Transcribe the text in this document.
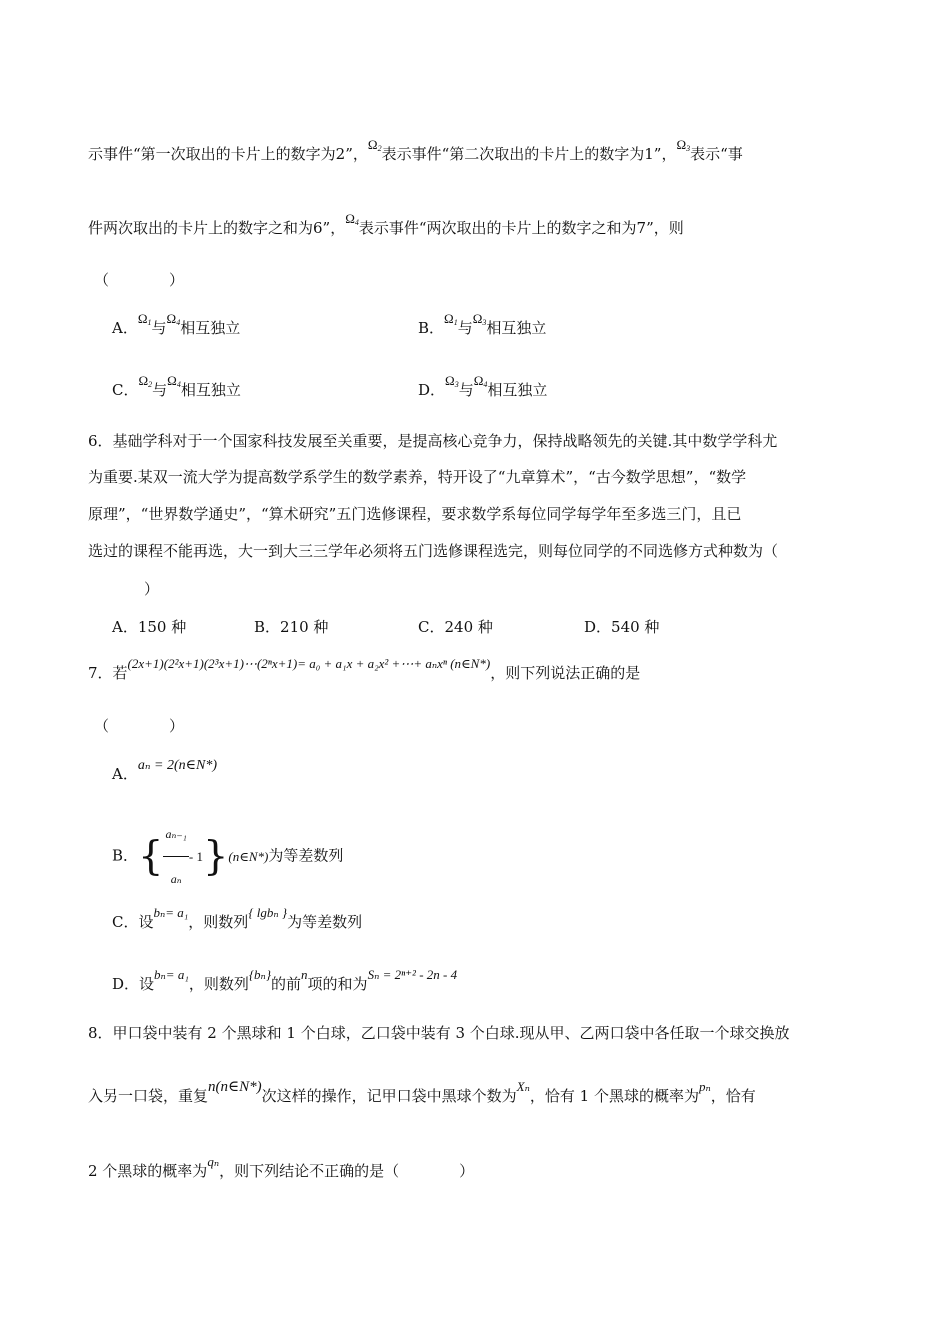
示事件“第一次取出的卡片上的数字为2”，$\Omega_2$表示事件“第二次取出的卡片上的数字为1”，$\Omega_3$表示“事
件两次取出的卡片上的数字之和为6”，$\Omega_4$表示事件“两次取出的卡片上的数字之和为7”，则
（　　　　）
A．$\Omega_1$与$\Omega_4$相互独立	B．$\Omega_1$与$\Omega_3$相互独立
C．$\Omega_2$与$\Omega_4$相互独立	D．$\Omega_3$与$\Omega_4$相互独立
6．基础学科对于一个国家科技发展至关重要，是提高核心竞争力，保持战略领先的关键.其中数学学科尤
为重要.某双一流大学为提高数学系学生的数学素养，特开设了“九章算术”，“古今数学思想”，“数学
原理”，“世界数学通史”，“算术研究”五门选修课程，要求数学系每位同学每学年至多选三门，且已
选过的课程不能再选，大一到大三三学年必须将五门选修课程选完，则每位同学的不同选修方式种数为（
）
A．150 种	B．210 种	C．240 种	D．540 种
7．若(2x+1)(2²x+1)(2³x+1)⋯(2ⁿx+1)= a₀ + a₁x + a₂x² +⋯+ aₙxⁿ (n∈N*)，则下列说法正确的是
（　　　　）
A．aₙ = 2(n∈N*)
B．{ $\frac{\text{aₙ₋₁}}{\text{aₙ}}$ - 1}(n∈N*)为等差数列
C．设bₙ= a₁，则数列{ lgbₙ }为等差数列
D．设bₙ= a₁，则数列{bₙ}的前n项的和为Sₙ = 2ⁿ⁺² - 2n - 4
8．甲口袋中装有 2 个黑球和 1 个白球，乙口袋中装有 3 个白球.现从甲、乙两口袋中各任取一个球交换放
入另一口袋，重复n(n∈N*)次这样的操作，记甲口袋中黑球个数为Xₙ，恰有 1 个黑球的概率为pₙ，恰有
2 个黑球的概率为qₙ，则下列结论不正确的是（　　　　）
